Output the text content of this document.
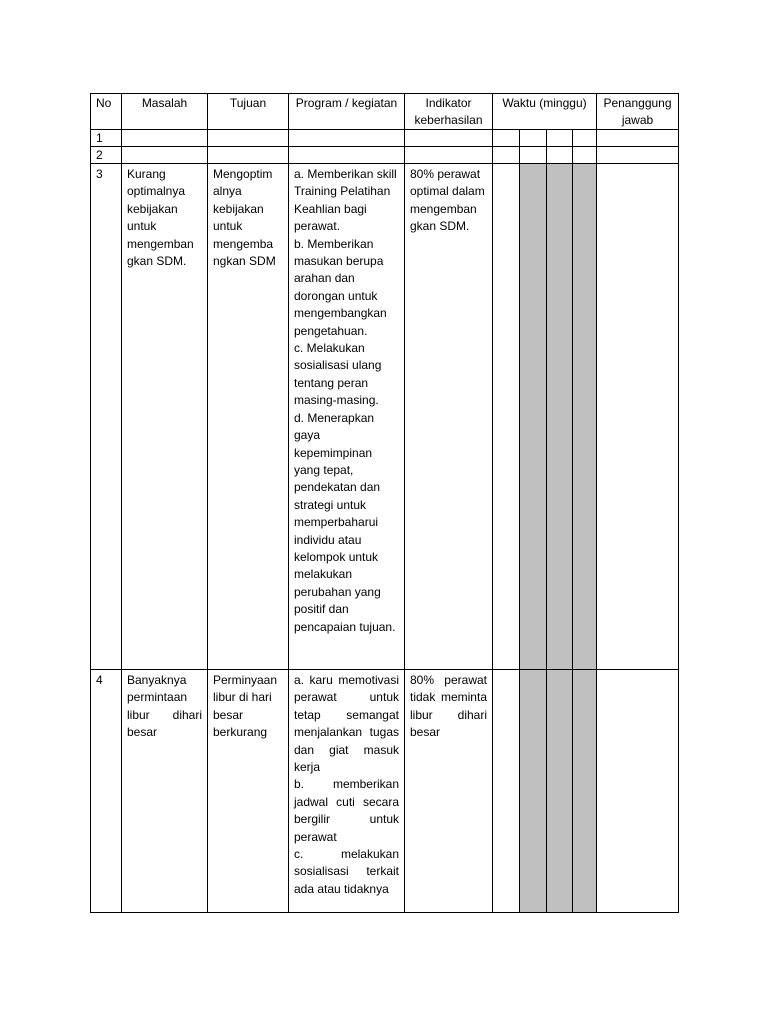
No	Masalah	Tujuan	Program / kegiatan	Indikator keberhasilan	Waktu (minggu)				Penanggung jawab
1									
2									
3	Kurang optimalnya kebijakan untuk mengemban gkan SDM.	Mengoptim alnya kebijakan untuk mengemba ngkan SDM	a. Memberikan skill Training Pelatihan Keahlian bagi perawat.
b. Memberikan masukan berupa arahan dan dorongan untuk mengembangkan pengetahuan.
c. Melakukan sosialisasi ulang tentang peran masing-masing.
d. Menerapkan gaya kepemimpinan yang tepat, pendekatan dan strategi untuk memperbaharui individu atau kelompok untuk melakukan perubahan yang positif dan pencapaian tujuan.	80% perawat optimal dalam mengemban gkan SDM.					
4	Banyaknya permintaan libur dihari besar	Perminyaan libur di hari besar berkurang	a. karu memotivasi perawat untuk tetap semangat menjalankan tugas dan giat masuk kerja
b. memberikan jadwal cuti secara bergilir untuk perawat
c. melakukan sosialisasi terkait ada atau tidaknya	80% perawat tidak meminta libur dihari besar					
